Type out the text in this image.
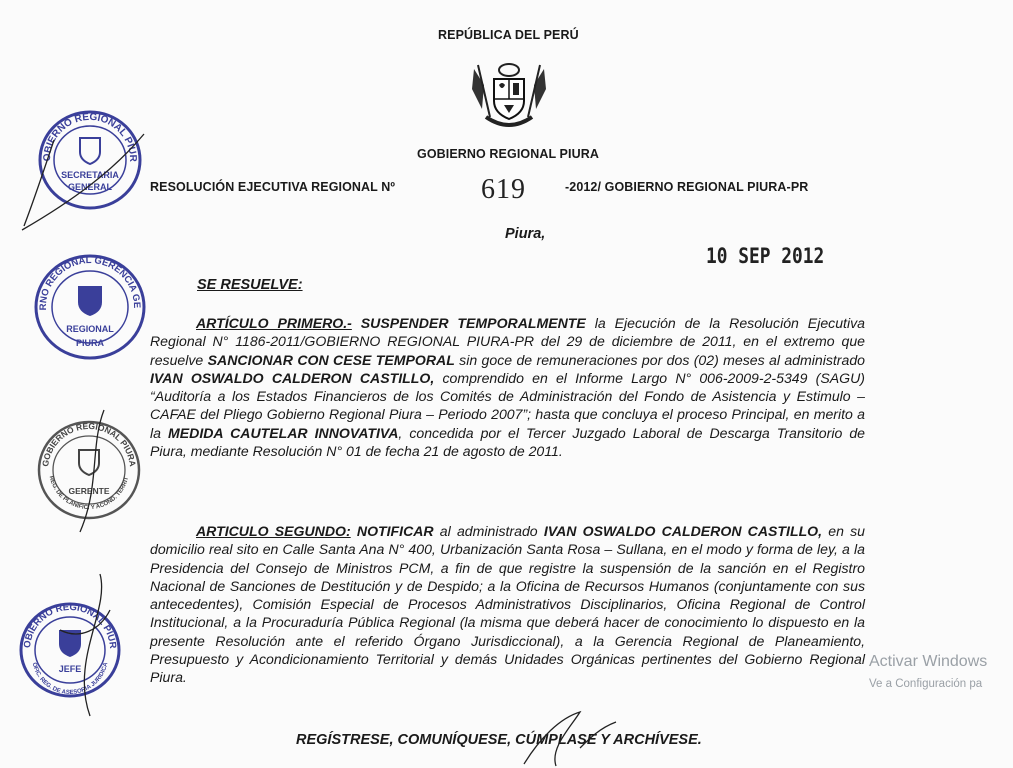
REPÚBLICA DEL PERÚ
GOBIERNO REGIONAL PIURA
RESOLUCIÓN EJECUTIVA REGIONAL Nº	619	-2012/ GOBIERNO REGIONAL PIURA-PR
Piura,
10 SEP 2012
SE RESUELVE:
ARTÍCULO PRIMERO.- SUSPENDER TEMPORALMENTE la Ejecución de la Resolución Ejecutiva Regional N° 1186-2011/GOBIERNO REGIONAL PIURA-PR del 29 de diciembre de 2011, en el extremo que resuelve SANCIONAR CON CESE TEMPORAL sin goce de remuneraciones por dos (02) meses al administrado IVAN OSWALDO CALDERON CASTILLO, comprendido en el Informe Largo N° 006-2009-2-5349 (SAGU) “Auditoría a los Estados Financieros de los Comités de Administración del Fondo de Asistencia y Estimulo – CAFAE del Pliego Gobierno Regional Piura – Periodo 2007”; hasta que concluya el proceso Principal, en merito a la MEDIDA CAUTELAR INNOVATIVA, concedida por el Tercer Juzgado Laboral de Descarga Transitorio de Piura, mediante Resolución N° 01 de fecha 21 de agosto de 2011.
ARTICULO SEGUNDO: NOTIFICAR al administrado IVAN OSWALDO CALDERON CASTILLO, en su domicilio real sito en Calle Santa Ana N° 400, Urbanización Santa Rosa – Sullana, en el modo y forma de ley, a la Presidencia del Consejo de Ministros PCM, a fin de que registre la suspensión de la sanción en el Registro Nacional de Sanciones de Destitución y de Despido; a la Oficina de Recursos Humanos (conjuntamente con sus antecedentes), Comisión Especial de Procesos Administrativos Disciplinarios, Oficina Regional de Control Institucional, a la Procuraduría Pública Regional (la misma que deberá hacer de conocimiento lo dispuesto en la presente Resolución ante el referido Órgano Jurisdiccional), a la Gerencia Regional de Planeamiento, Presupuesto y Acondicionamiento Territorial y demás Unidades Orgánicas pertinentes del Gobierno Regional Piura.
REGÍSTRESE, COMUNÍQUESE, CÚMPLASE Y ARCHÍVESE.
Activar Windows
Ve a Configuración pa
OBIERNO REGIONAL PIUR
SECRETARIA
GENERAL
RNO REGIONAL GERENCIA GE
REGIONAL
PIURA
GOBIERNO REGIONAL PIURA
GERENTE
REG. DE PLANIFIC. Y ACOND. TERRIT
OBIERNO REGIONAL PIUR
JEFE
OFIC. REG. DE ASESORIA JURIDICA
